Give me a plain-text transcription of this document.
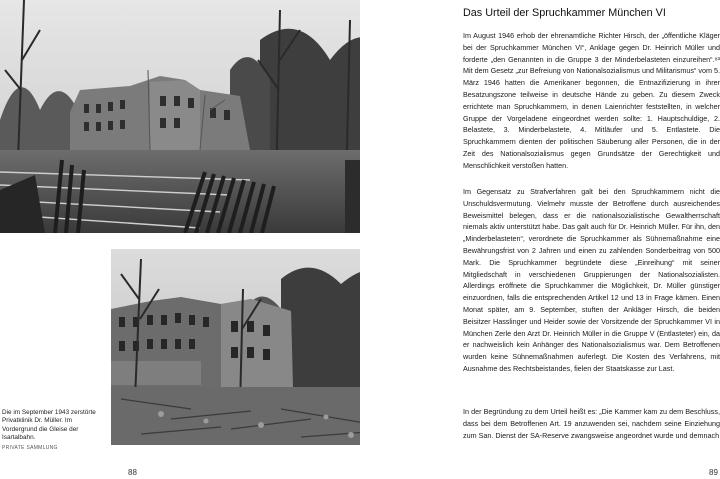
Die im September 1943 zerstörte Privatklinik Dr. Müller. Im Vordergrund die Gleise der Isartalbahn.
PRIVATE SAMMLUNG
88
Das Urteil der Spruchkammer München VI

Im August 1946 erhob der ehrenamtliche Richter Hirsch, der „öffentliche Kläger bei der Spruchkammer München VI“, Anklage gegen Dr. Heinrich Müller und forderte „den Genannten in die Gruppe 3 der Minderbelasteten einzureihen“.⁸³ Mit dem Gesetz „zur Befreiung von Nationalsozialismus und Militarismus“ vom 5. März 1946 hatten die Amerikaner begonnen, die Entnazifizierung in ihrer Besatzungszone teilweise in deutsche Hände zu geben. Zu diesem Zweck errichtete man Spruchkammern, in denen Laienrichter feststellten, in welcher Gruppe der Vorgeladene eingeordnet werden sollte: 1. Hauptschuldige, 2. Belastete, 3. Minderbelastete, 4. Mitläufer und 5. Entlastete. Die Spruchkammern dienten der politischen Säuberung aller Personen, die in der Zeit des Nationalsozialismus gegen Grundsätze der Gerechtigkeit und Menschlichkeit verstoßen hatten.

Im Gegensatz zu Strafverfahren galt bei den Spruchkammern nicht die Unschuldsvermutung. Vielmehr musste der Betroffene durch ausreichendes Beweismittel belegen, dass er die nationalsozialistische Gewaltherrschaft niemals aktiv unterstützt habe. Das galt auch für Dr. Heinrich Müller. Für ihn, den „Minderbelasteten“, verordnete die Spruchkammer als Sühnemaßnahme eine Bewährungsfrist von 2 Jahren und einen zu zahlenden Sonderbeitrag von 500 Mark. Die Spruchkammer begründete diese „Einreihung“ mit seiner Mitgliedschaft in verschiedenen Gruppierungen der Nationalsozialisten. Allerdings eröffnete die Spruchkammer die Möglichkeit, Dr. Müller günstiger einzuordnen, falls die entsprechenden Artikel 12 und 13 in Frage kämen. Einen Monat später, am 9. September, stuften der Ankläger Hirsch, die beiden Beisitzer Hasslinger und Heider sowie der Vorsitzende der Spruchkammer VI in München Zerle den Arzt Dr. Heinrich Müller in die Gruppe V (Entlasteter) ein, da er nachweislich kein Anhänger des Nationalsozialismus war. Dem Betroffenen wurden keine Sühnemaßnahmen auferlegt. Die Kosten des Verfahrens, mit Ausnahme des Rechtsbeistandes, fielen der Staatskasse zur Last.

In der Begründung zu dem Urteil heißt es: „Die Kammer kam zu dem Beschluss, dass bei dem Betroffenen Art. 19 anzuwenden sei, nachdem seine Einziehung zum San. Dienst der SA-Reserve zwangsweise angeordnet wurde und demnach

89
